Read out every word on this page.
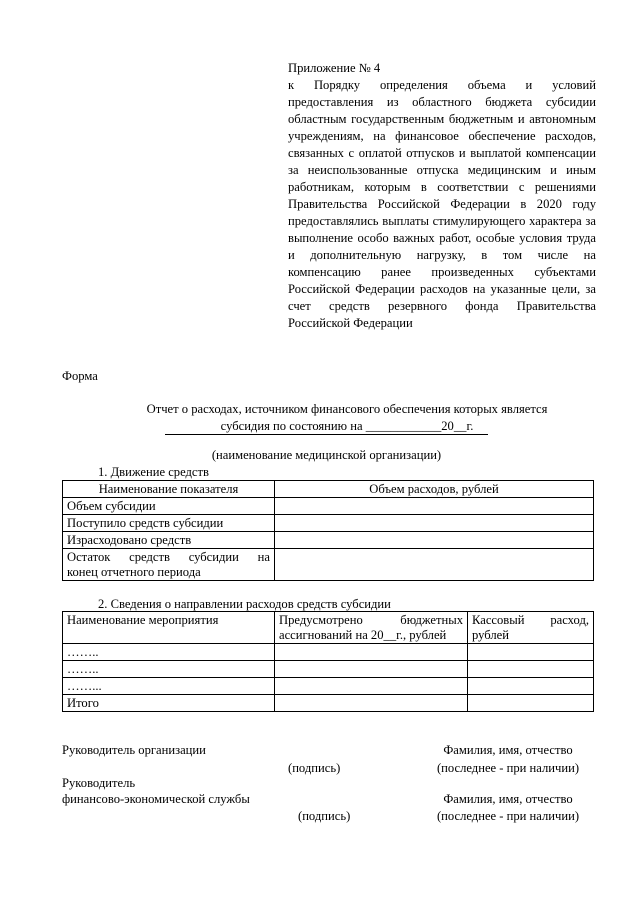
Приложение № 4
к Порядку определения объема и условий предоставления из областного бюджета субсидии областным государственным бюджетным и автономным учреждениям, на финансовое обеспечение расходов, связанных с оплатой отпусков и выплатой компенсации за неиспользованные отпуска медицинским и иным работникам, которым в соответствии с решениями Правительства Российской Федерации в 2020 году предоставлялись выплаты стимулирующего характера за выполнение особо важных работ, особые условия труда и дополнительную нагрузку, в том числе на компенсацию ранее произведенных субъектами Российской Федерации расходов на указанные цели, за счет средств резервного фонда Правительства Российской Федерации
Форма
Отчет о расходах, источником финансового обеспечения которых является
субсидия по состоянию на ____________20__г.
(наименование медицинской организации)
1. Движение средств
Наименование показателя	Объем расходов, рублей
Объем субсидии	
Поступило средств субсидии	
Израсходовано средств	

Остаток средств субсидии на
конец отчетного периода	

2. Сведения о направлении расходов средств субсидии
Наименование мероприятия	Предусмотрено бюджетных ассигнований на 20__г., рублей	Кассовый расход, рублей
……..		
……..		
……...		
Итого		
Руководитель организации	Фамилия, имя, отчество
(подпись)	(последнее - при наличии)
Руководитель
финансово-экономической службы	Фамилия, имя, отчество
(подпись)	(последнее - при наличии)
